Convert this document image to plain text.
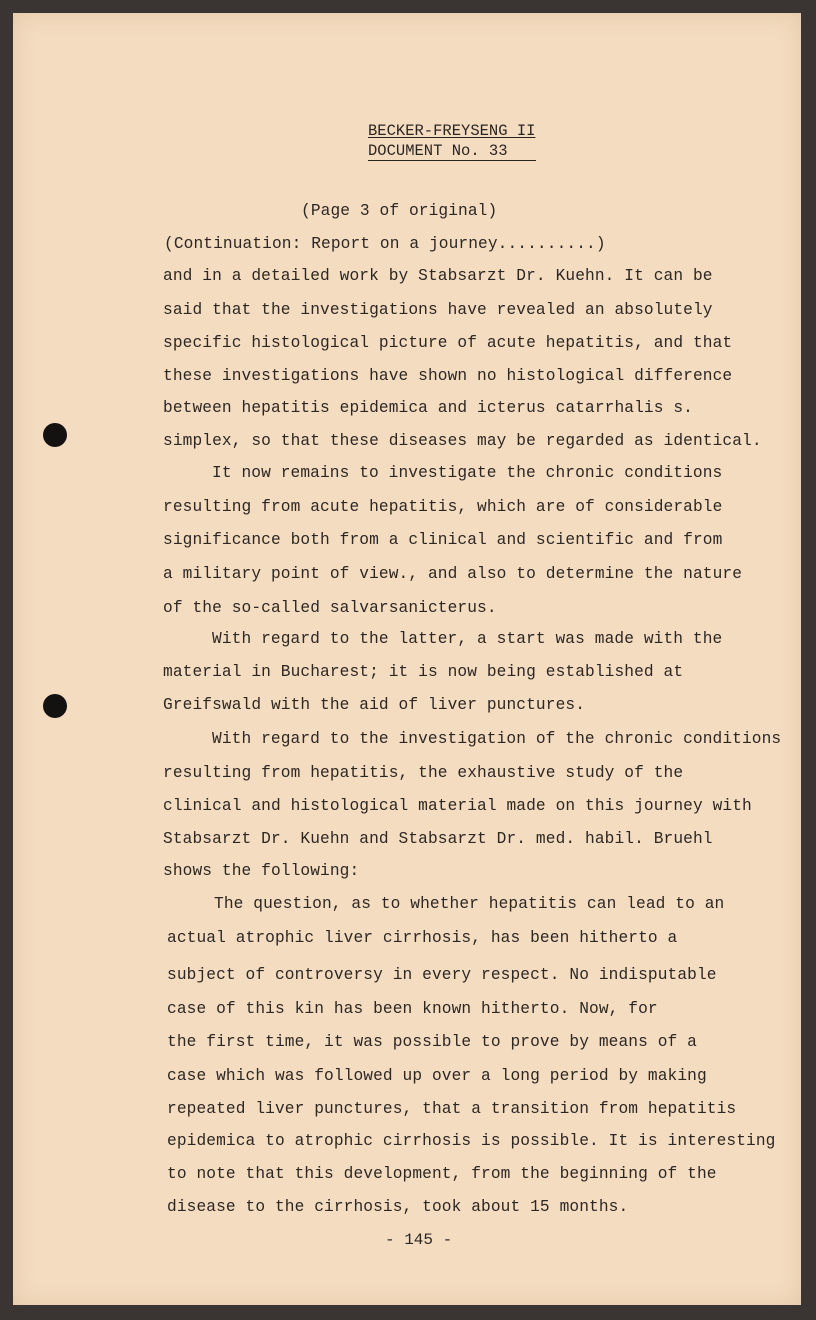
BECKER-FREYSENG II
DOCUMENT No. 33
(Page 3 of original)
(Continuation: Report on a journey..........)
and in a detailed work by Stabsarzt Dr. Kuehn. It can be
said that the investigations have revealed an absolutely
specific histological picture of acute hepatitis, and that
these investigations have shown no histological difference
between hepatitis epidemica and icterus catarrhalis s.
simplex, so that these diseases may be regarded as identical.
It now remains to investigate the chronic conditions
resulting from acute hepatitis, which are of considerable
significance both from a clinical and scientific and from
a military point of view., and also to determine the nature
of the so-called salvarsanicterus.
With regard to the latter, a start was made with the
material in Bucharest; it is now being established at
Greifswald with the aid of liver punctures.
With regard to the investigation of the chronic conditions
resulting from hepatitis, the exhaustive study of the
clinical and histological material made on this journey with
Stabsarzt Dr. Kuehn and Stabsarzt Dr. med. habil. Bruehl
shows the following:
The question, as to whether hepatitis can lead to an
actual atrophic liver cirrhosis, has been hitherto a
subject of controversy in every respect. No indisputable
case of this kin has been known hitherto. Now, for
the first time, it was possible to prove by means of a
case which was followed up over a long period by making
repeated liver punctures, that a transition from hepatitis
epidemica to atrophic cirrhosis is possible. It is interesting
to note that this development, from the beginning of the
disease to the cirrhosis, took about 15 months.
- 145 -
